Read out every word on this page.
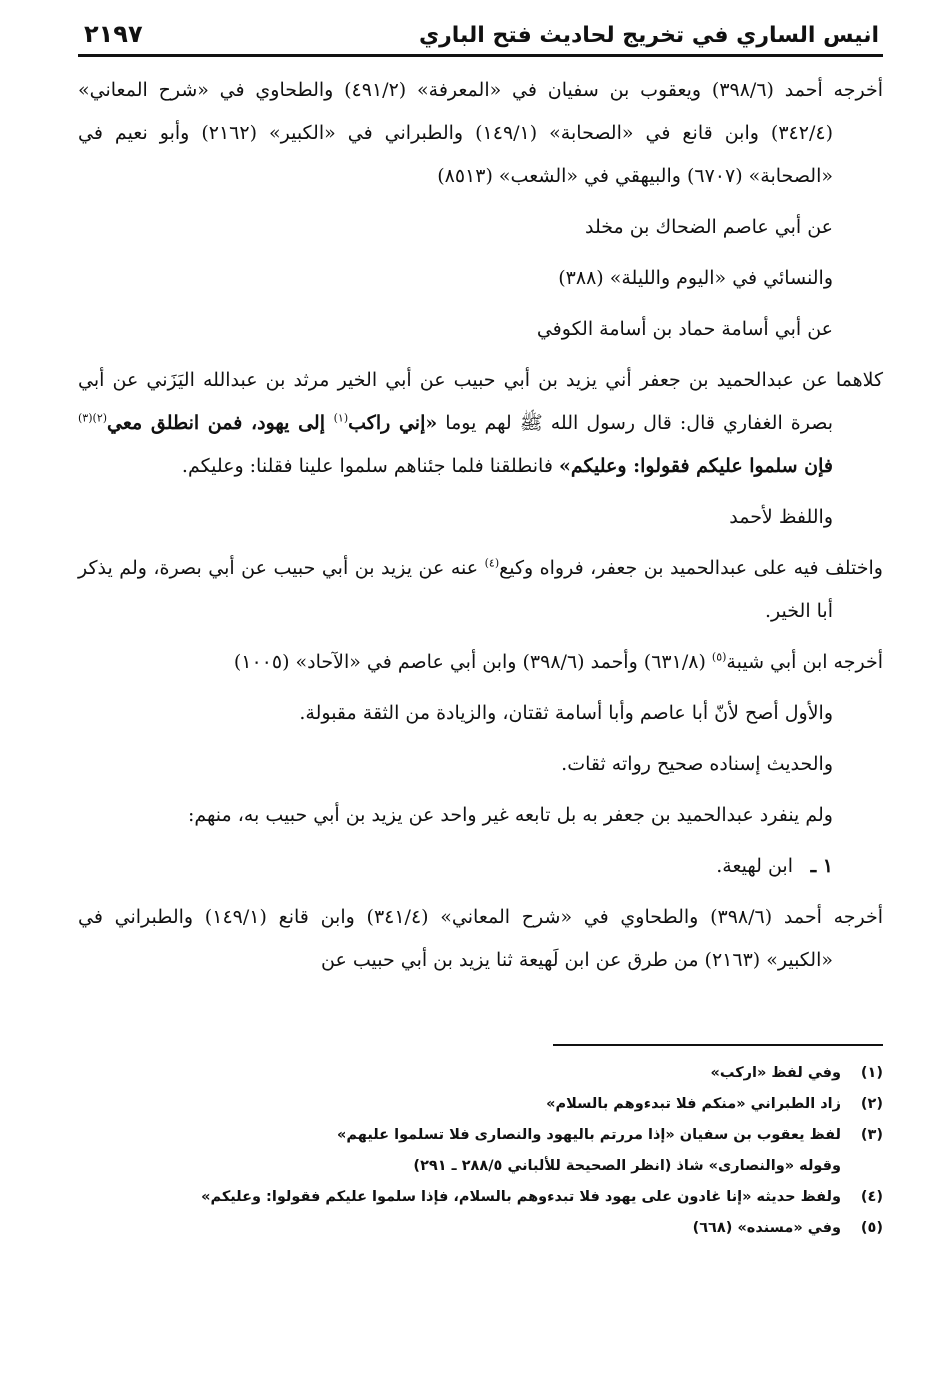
انيس الساري في تخريج لحاديث فتح الباري
٢١٩٧

أخرجه أحمد (٣٩٨/٦) ويعقوب بن سفيان في «المعرفة» (٤٩١/٢) والطحاوي في «شرح المعاني» (٣٤٢/٤) وابن قانع في «الصحابة» (١٤٩/١) والطبراني في «الكبير» (٢١٦٢) وأبو نعيم في «الصحابة» (٦٧٠٧) والبيهقي في «الشعب» (٨٥١٣)

عن أبي عاصم الضحاك بن مخلد

والنسائي في «اليوم والليلة» (٣٨٨)

عن أبي أسامة حماد بن أسامة الكوفي

كلاهما عن عبدالحميد بن جعفر أني يزيد بن أبي حبيب عن أبي الخير مرثد بن عبدالله اليَزَني عن أبي بصرة الغفاري قال: قال رسول الله ﷺ لهم يوما «إني راكب$^{(١)}$ إلى يهود، فمن انطلق معي$^{(٢)(٣)}$ فإن سلموا عليكم فقولوا: وعليكم» فانطلقنا فلما جئناهم سلموا علينا فقلنا: وعليكم.

واللفظ لأحمد

واختلف فيه على عبدالحميد بن جعفر، فرواه وكيع$^{(٤)}$ عنه عن يزيد بن أبي حبيب عن أبي بصرة، ولم يذكر أبا الخير.

أخرجه ابن أبي شيبة$^{(٥)}$ (٦٣١/٨) وأحمد (٣٩٨/٦) وابن أبي عاصم في «الآحاد» (١٠٠٥)

والأول أصح لأنّ أبا عاصم وأبا أسامة ثقتان، والزيادة من الثقة مقبولة.

والحديث إسناده صحيح رواته ثقات.

ولم ينفرد عبدالحميد بن جعفر به بل تابعه غير واحد عن يزيد بن أبي حبيب به، منهم:

١ ـابن لهيعة.

أخرجه أحمد (٣٩٨/٦) والطحاوي في «شرح المعاني» (٣٤١/٤) وابن قانع (١٤٩/١) والطبراني في «الكبير» (٢١٦٣) من طرق عن ابن لَهيعة ثنا يزيد بن أبي حبيب عن

(١)وفي لفظ «اركب»

(٢)زاد الطبراني «منكم فلا تبدءوهم بالسلام»

(٣)لفظ يعقوب بن سفيان «إذا مررتم باليهود والنصارى فلا تسلموا عليهم»

وقوله «والنصارى» شاذ (انظر الصحيحة للألباني ٢٨٨/٥ ـ ٢٩١)

(٤)ولفظ حديثه «إنا غادون على يهود فلا تبدءوهم بالسلام، فإذا سلموا عليكم فقولوا: وعليكم»

(٥)وفي «مسنده» (٦٦٨)
